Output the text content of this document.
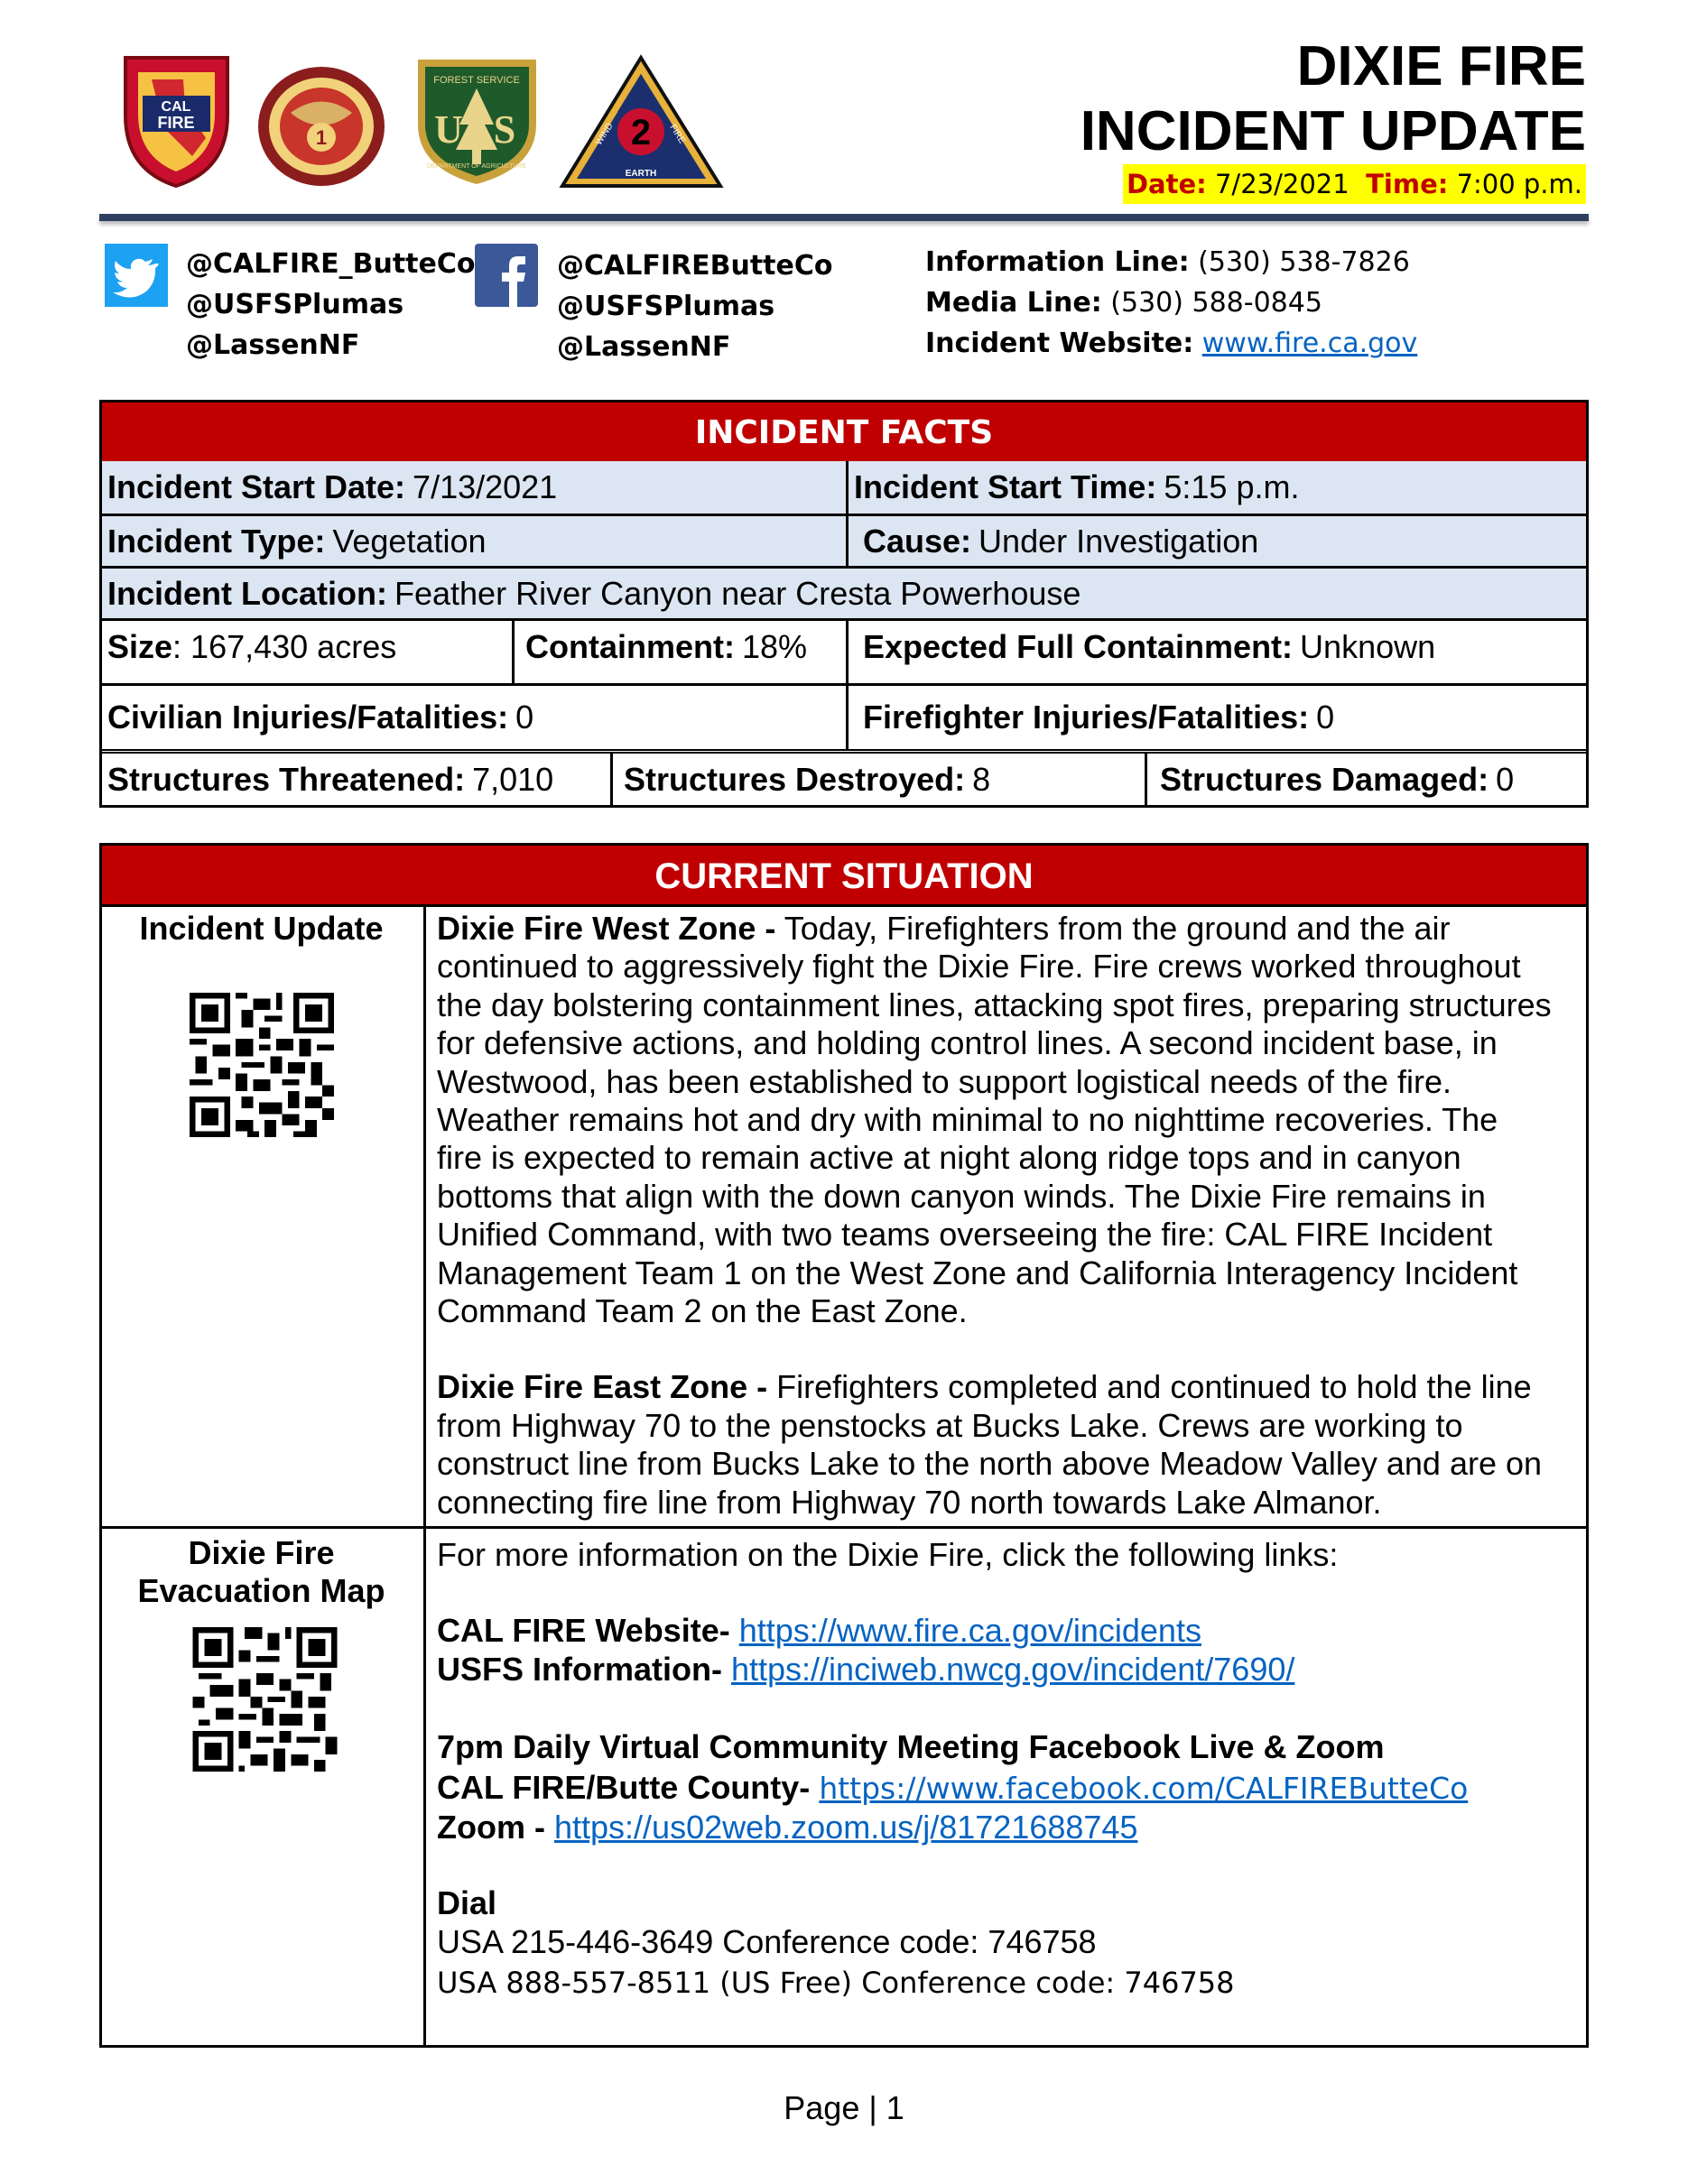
CAL
FIRE
1
FOREST SERVICE
U S
DEPARTMENT OF AGRICULTURE
2
WIND	FIRE
EARTH
DIXIE FIRE
INCIDENT UPDATE
Date: 7/23/2021 Time: 7:00 p.m.
@CALFIRE_ButteCo
@USFSPlumas
@LassenNF
@CALFIREButteCo
@USFSPlumas
@LassenNF
Information Line: (530) 538-7826
Media Line: (530) 588-0845
Incident Website: www.fire.ca.gov
INCIDENT FACTS
Incident Start Date: 7/13/2021	Incident Start Time: 5:15 p.m.
Incident Type: Vegetation	Cause: Under Investigation
Incident Location: Feather River Canyon near Cresta Powerhouse
Size : 167,430 acres	Containment: 18% Expected Full Containment: Unknown
Civilian Injuries/Fatalities: 0	Firefighter Injuries/Fatalities: 0
Structures Threatened: 7,010 Structures Destroyed: 8	Structures Damaged: 0
CURRENT SITUATION
Incident Update	Dixie Fire West Zone - Today, Firefighters from the ground and the air
continued to aggressively fight the Dixie Fire. Fire crews worked throughout
the day bolstering containment lines, attacking spot fires, preparing structures
for defensive actions, and holding control lines. A second incident base, in
Westwood, has been established to support logistical needs of the fire.
Weather remains hot and dry with minimal to no nighttime recoveries. The
fire is expected to remain active at night along ridge tops and in canyon
bottoms that align with the down canyon winds. The Dixie Fire remains in
Unified Command, with two teams overseeing the fire: CAL FIRE Incident
Management Team 1 on the West Zone and California Interagency Incident
Command Team 2 on the East Zone.
Dixie Fire East Zone - Firefighters completed and continued to hold the line
from Highway 70 to the penstocks at Bucks Lake. Crews are working to
construct line from Bucks Lake to the north above Meadow Valley and are on
connecting fire line from Highway 70 north towards Lake Almanor.
Dixie Fire
Evacuation Map
For more information on the Dixie Fire, click the following links:
CAL FIRE Website- https://www.fire.ca.gov/incidents
USFS Information- https://inciweb.nwcg.gov/incident/7690/
7pm Daily Virtual Community Meeting Facebook Live & Zoom
CAL FIRE/Butte County- https://www.facebook.com/CALFIREButteCo
Zoom - https://us02web.zoom.us/j/81721688745
Dial
USA 215-446-3649 Conference code: 746758
USA 888-557-8511 (US Free) Conference code: 746758
Page | 1
